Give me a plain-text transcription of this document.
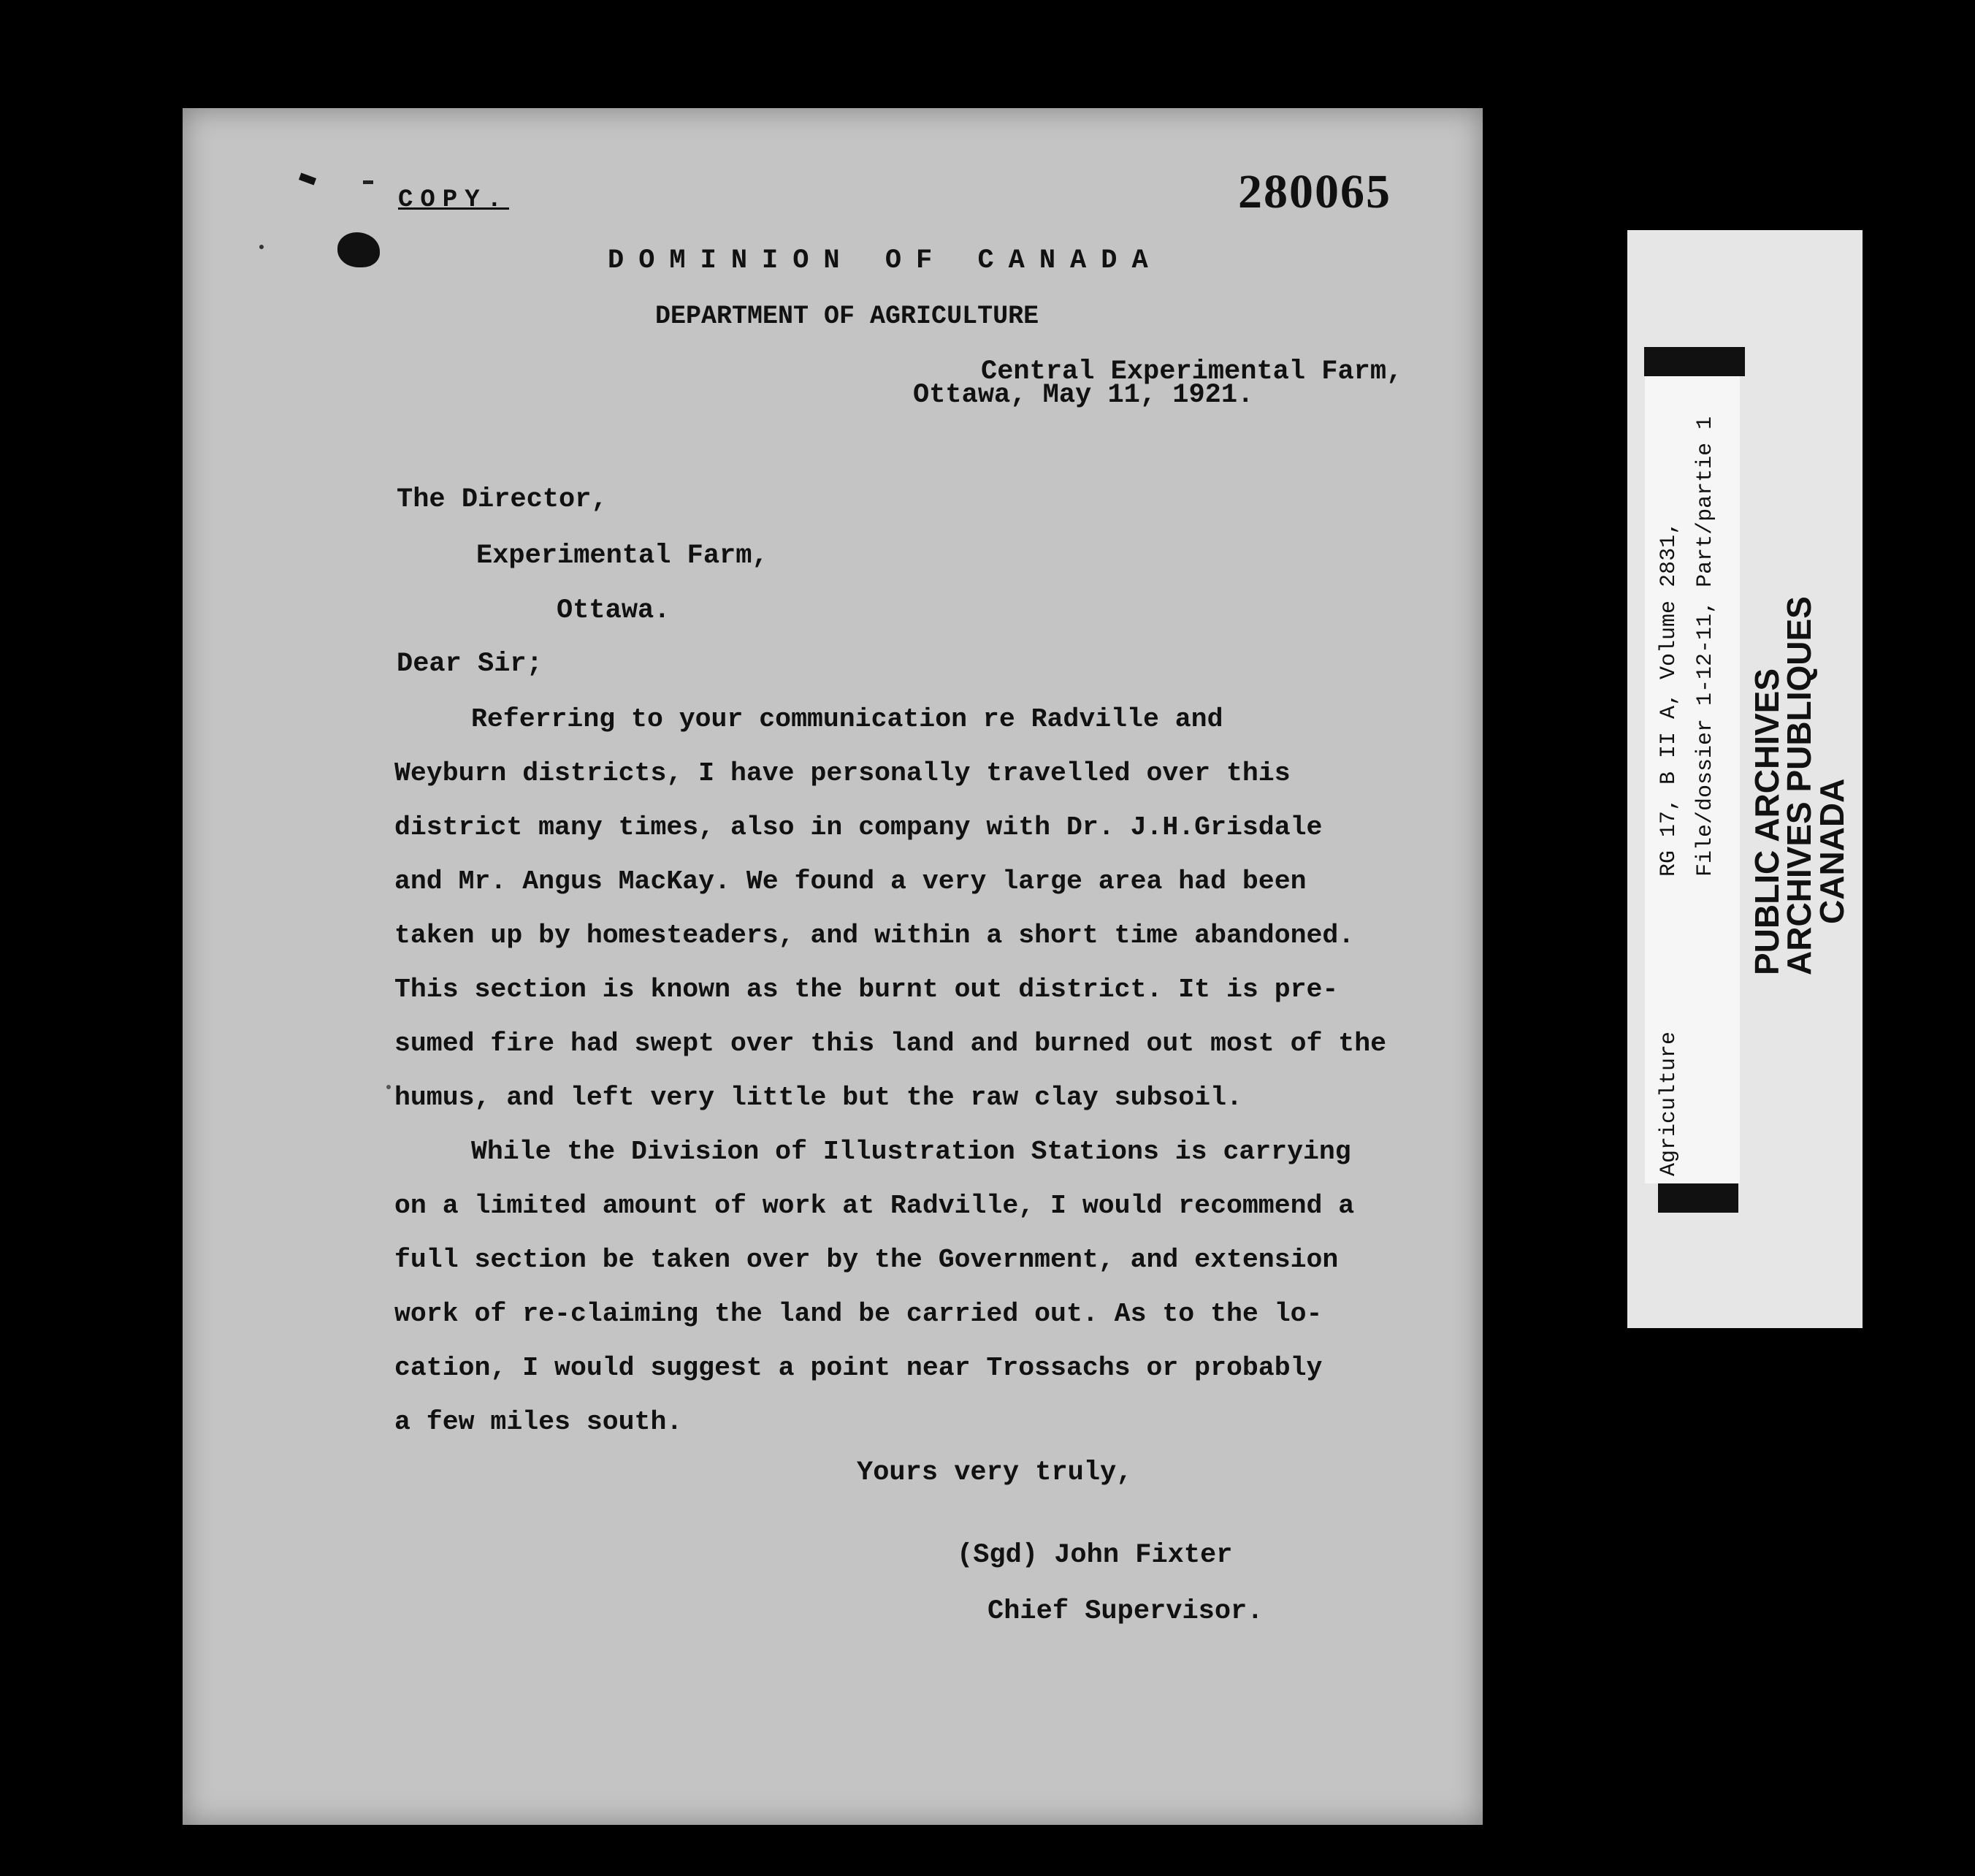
COPY.	280065
DOMINION OF CANADA
DEPARTMENT OF AGRICULTURE
Central Experimental Farm,
Ottawa, May 11, 1921.
The Director,
Experimental Farm,
Ottawa.
Dear Sir;
Referring to your communication re Radville and
Weyburn districts, I have personally travelled over this
district many times, also in company with Dr. J.H.Grisdale
and Mr. Angus MacKay. We found a very large area had been
taken up by homesteaders, and within a short time abandoned.
This section is known as the burnt out district. It is pre-
sumed fire had swept over this land and burned out most of the
humus, and left very little but the raw clay subsoil.
While the Division of Illustration Stations is carrying
on a limited amount of work at Radville, I would recommend a
full section be taken over by the Government, and extension
work of re-claiming the land be carried out. As to the lo-
cation, I would suggest a point near Trossachs or probably
a few miles south.
Yours very truly,
(Sgd) John Fixter
Chief Supervisor.
Agriculture
RG 17, B II A, Volume 2831, File/dossier 1-12-11, Part/partie 1 PUBLIC ARCHIVES
ARCHIVES PUBLIQUES
CANADA
